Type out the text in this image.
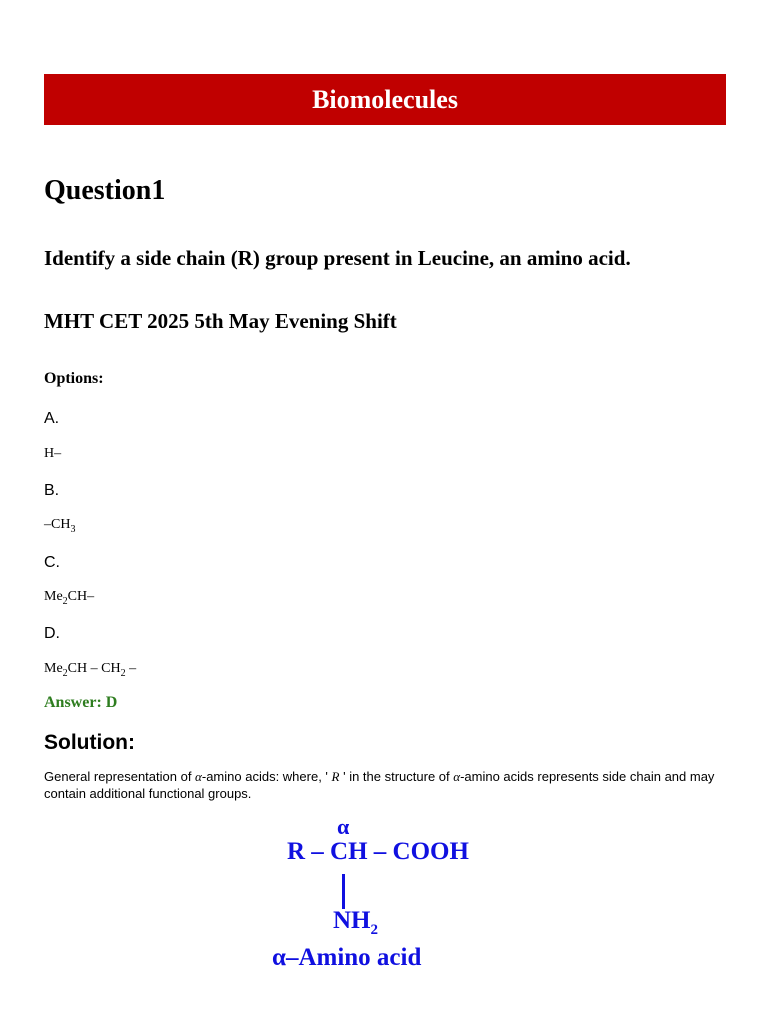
Biomolecules
Question1

Identify a side chain (R) group present in Leucine, an amino acid.

MHT CET 2025 5th May Evening Shift

Options:
A.
H–
B.
$-CH_3$
C.
$Me_2CH-$
D.
$Me_2CH - CH_2$ –
Answer: D
Solution:
General representation of α-amino acids: where, ' R ' in the structure of α-amino acids represents side chain and may contain additional functional groups.
α
R – CH – COOH
$NH_2$
α–Amino acid
